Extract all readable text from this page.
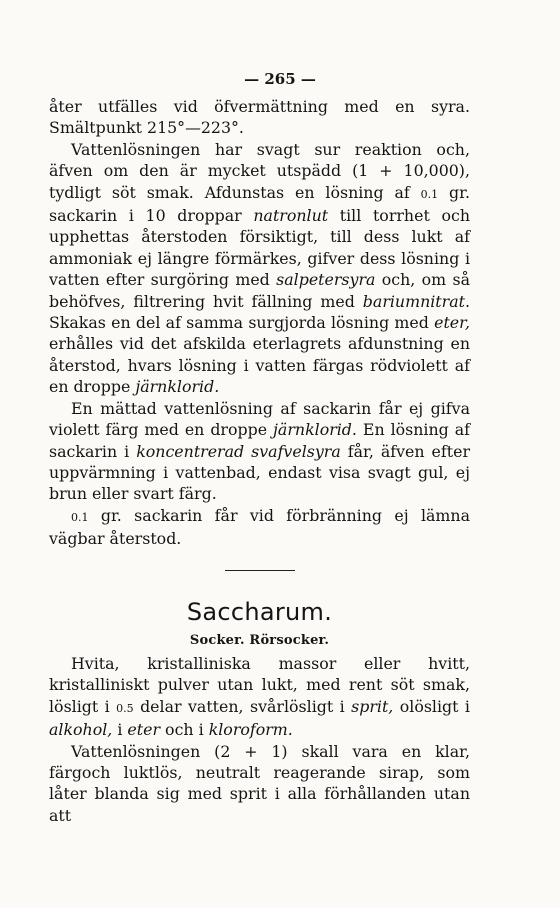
— 265 —

åter utfälles vid öfvermättning med en syra. Smältpunkt 215°—223°.

Vattenlösningen har svagt sur reaktion och, äfven om den är mycket utspädd (1 + 10,000), tydligt söt smak. Afdunstas en lösning af 0.1 gr. sackarin i 10 droppar natronlut till torrhet och upphettas återstoden försiktigt, till dess lukt af ammoniak ej längre förmärkes, gifver dess lösning i vatten efter surgöring med salpetersyra och, om så behöfves, filtrering hvit fällning med bariumnitrat. Skakas en del af samma surgjorda lösning med eter, erhålles vid det afskilda eterlagrets afdunstning en återstod, hvars lösning i vatten färgas rödviolett af en droppe järnklorid.

En mättad vattenlösning af sackarin får ej gifva violett färg med en droppe järnklorid. En lösning af sackarin i koncentrerad svafvelsyra får, äfven efter uppvärmning i vattenbad, endast visa svagt gul, ej brun eller svart färg.

0.1 gr. sackarin får vid förbränning ej lämna vägbar återstod.

Saccharum.
Socker. Rörsocker.

Hvita, kristalliniska massor eller hvitt, kristalliniskt pulver utan lukt, med rent söt smak, lösligt i 0.5 delar vatten, svårlösligt i sprit, olösligt i alkohol, i eter och i kloroform.

Vattenlösningen (2 + 1) skall vara en klar, färgoch luktlös, neutralt reagerande sirap, som låter blanda sig med sprit i alla förhållanden utan att
